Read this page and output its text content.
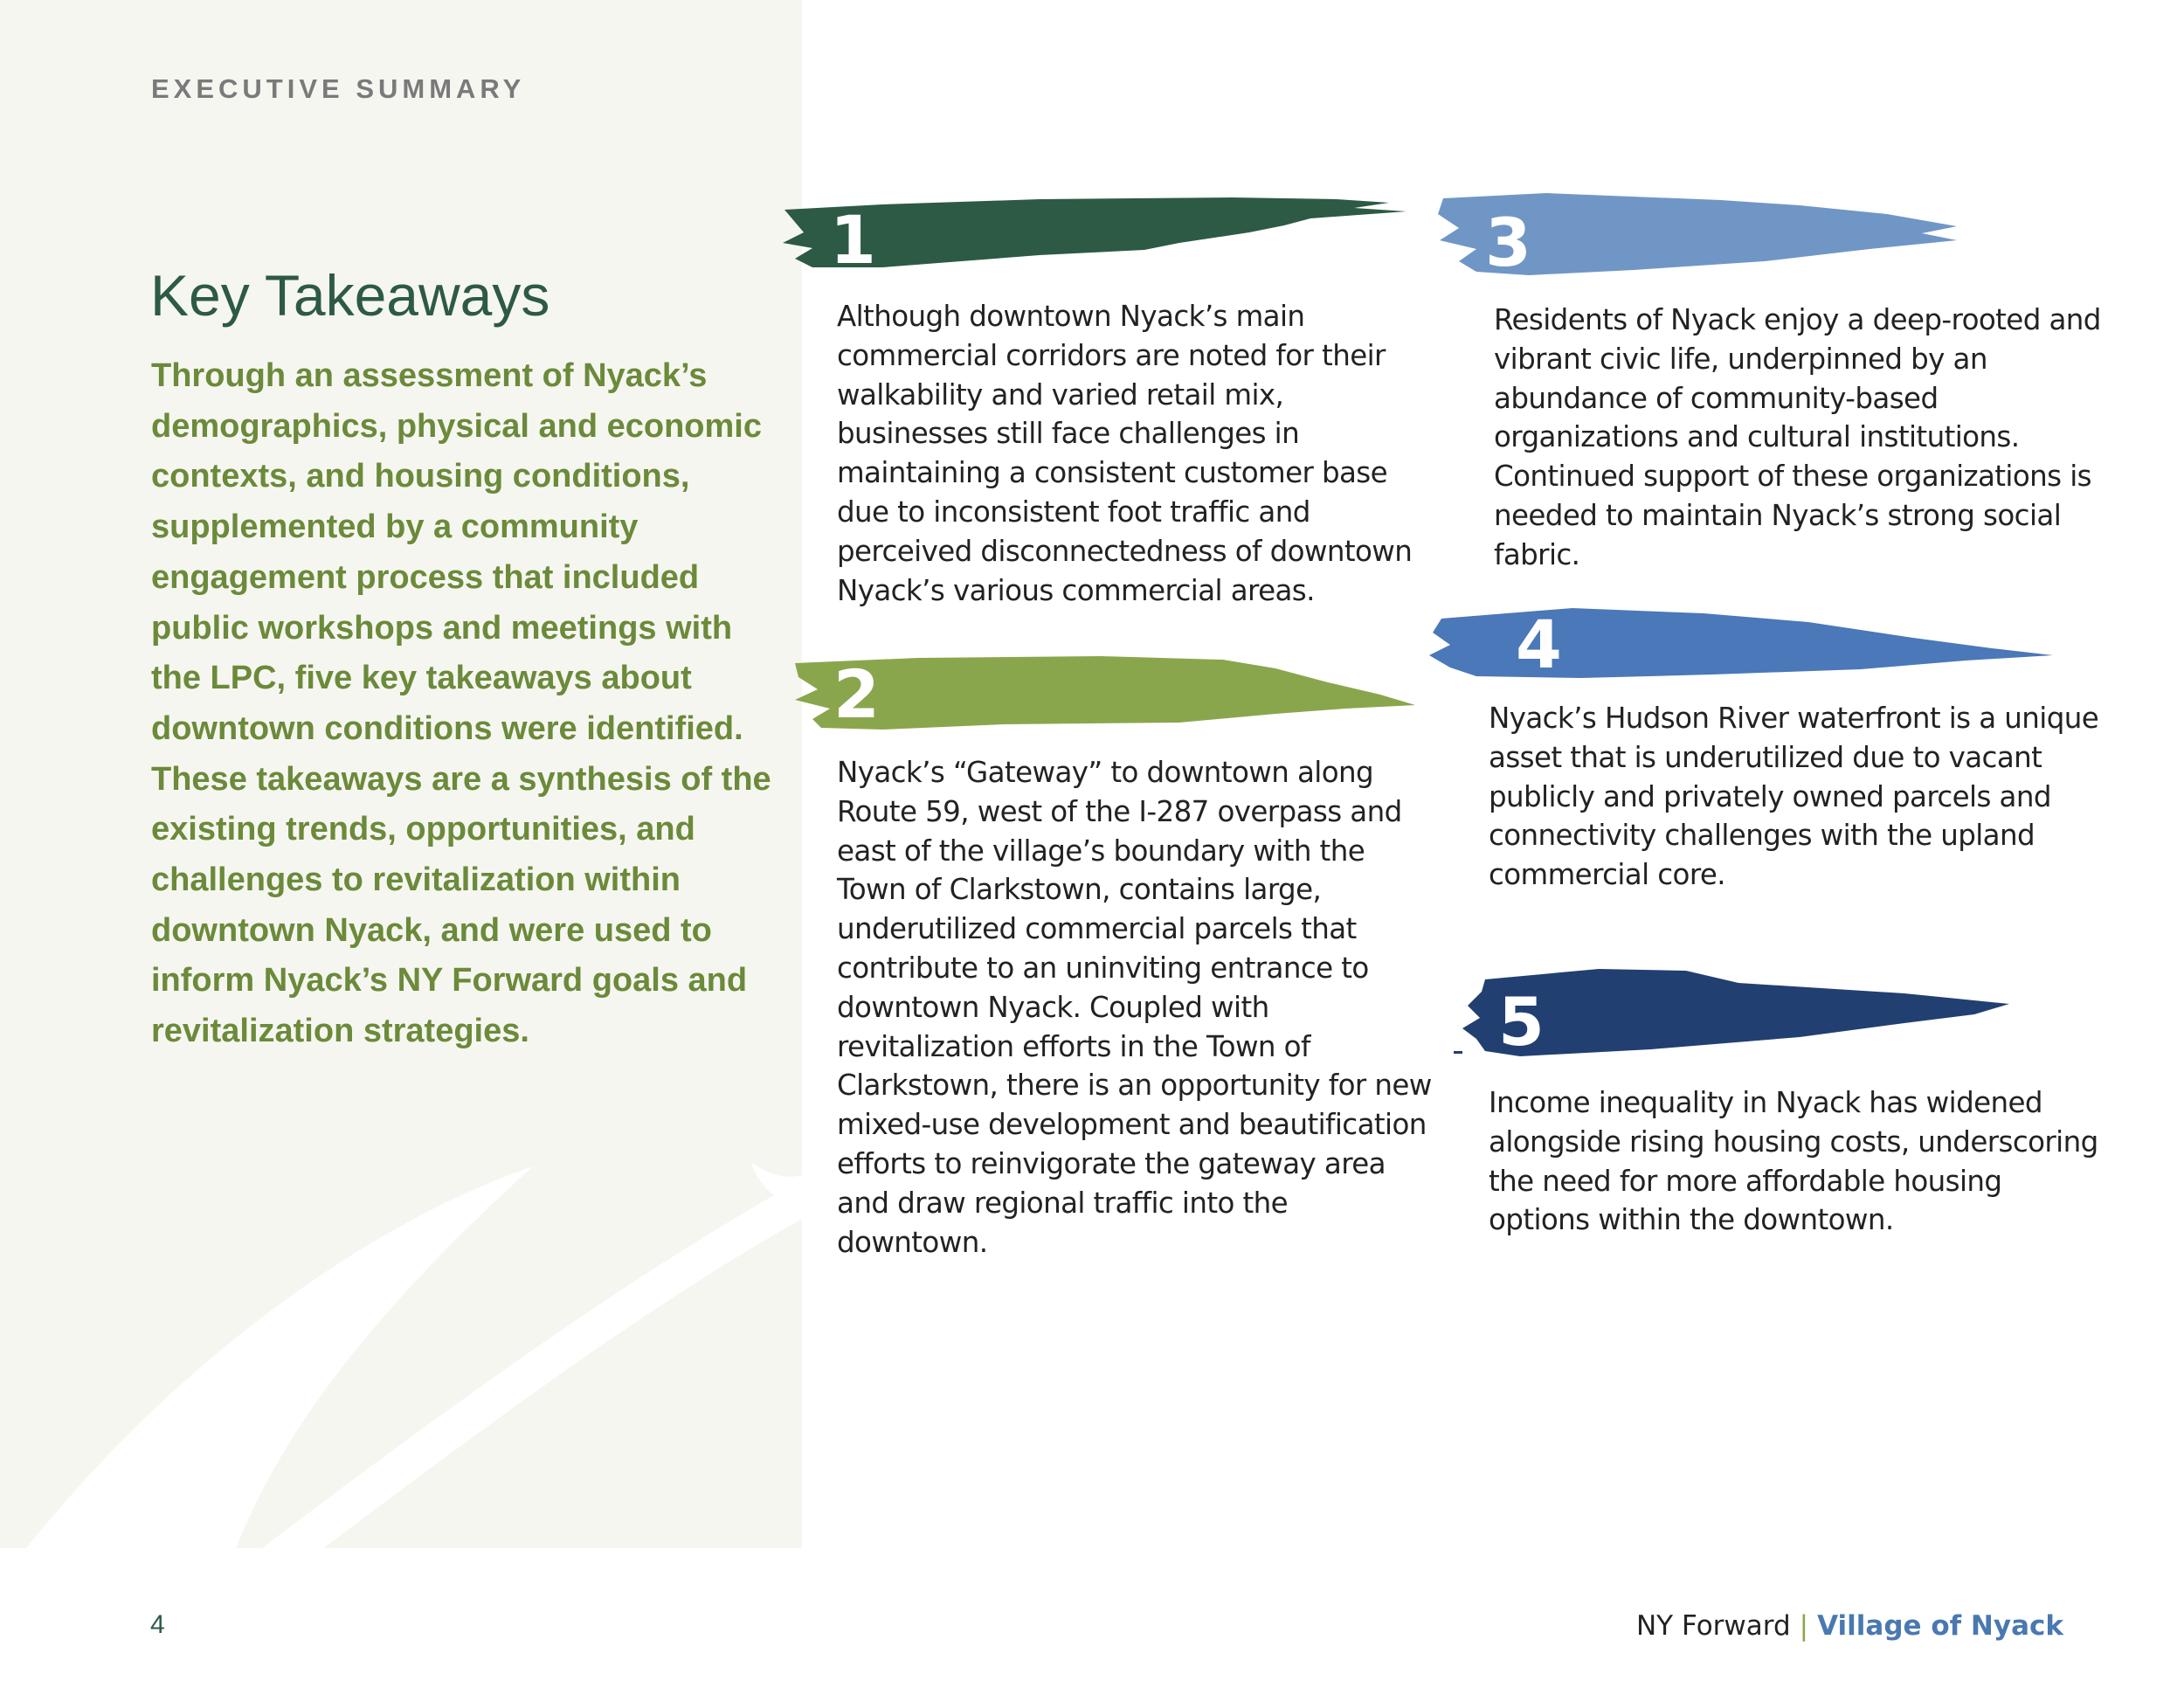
EXECUTIVE SUMMARY
Key Takeaways

Through an assessment of Nyack’s demographics, physical and economic contexts, and housing conditions, supplemented by a community engagement process that included public workshops and meetings with the LPC, five key takeaways about downtown conditions were identified. These takeaways are a synthesis of the existing trends, opportunities, and challenges to revitalization within downtown Nyack, and were used to inform Nyack’s NY Forward goals and revitalization strategies.

1

Although downtown Nyack’s main commercial corridors are noted for their walkability and varied retail mix, businesses still face challenges in maintaining a consistent customer base due to inconsistent foot traffic and perceived disconnectedness of downtown Nyack’s various commercial areas.

2

Nyack’s “Gateway” to downtown along Route 59, west of the I-287 overpass and east of the village’s boundary with the Town of Clarkstown, contains large, underutilized commercial parcels that contribute to an uninviting entrance to downtown Nyack. Coupled with revitalization efforts in the Town of Clarkstown, there is an opportunity for new mixed-use development and beautification efforts to reinvigorate the gateway area and draw regional traffic into the downtown.

3

Residents of Nyack enjoy a deep-rooted and vibrant civic life, underpinned by an abundance of community-based organizations and cultural institutions. Continued support of these organizations is needed to maintain Nyack’s strong social fabric.

4

Nyack’s Hudson River waterfront is a unique asset that is underutilized due to vacant publicly and privately owned parcels and connectivity challenges with the upland commercial core.

5

Income inequality in Nyack has widened alongside rising housing costs, underscoring the need for more affordable housing options within the downtown.

4	NY Forward | Village of Nyack
